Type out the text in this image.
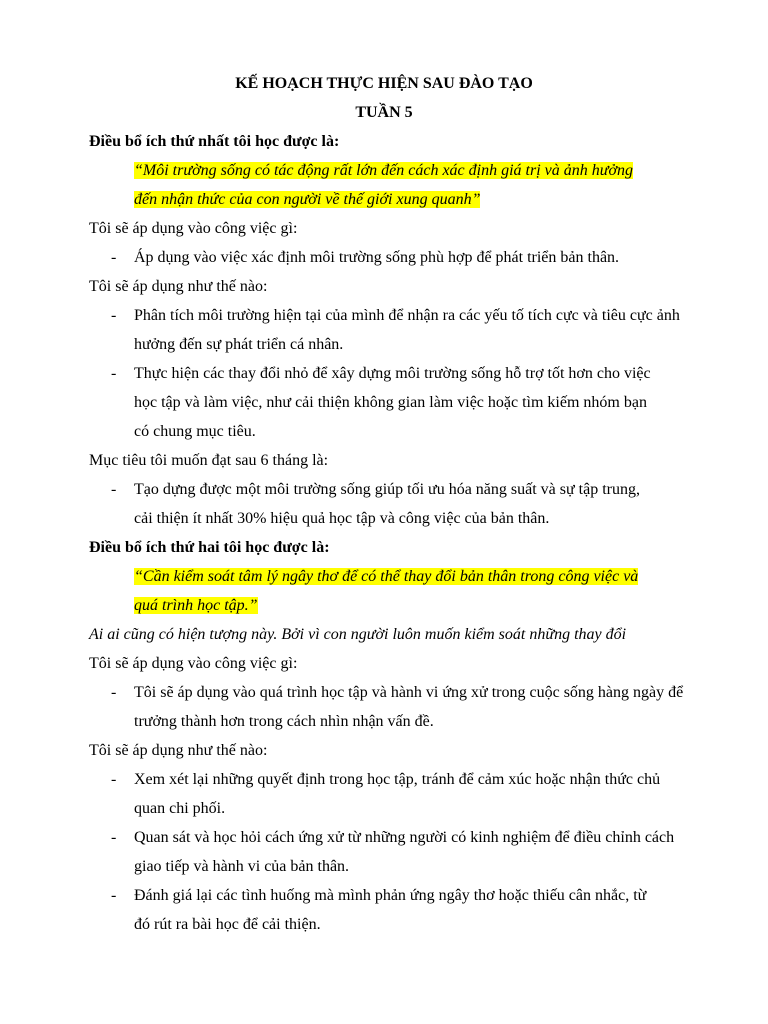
KẾ HOẠCH THỰC HIỆN SAU ĐÀO TẠO
TUẦN 5
Điều bổ ích thứ nhất tôi học được là:
“Môi trường sống có tác động rất lớn đến cách xác định giá trị và ảnh hưởng
đến nhận thức của con người về thế giới xung quanh”
Tôi sẽ áp dụng vào công việc gì:
- Áp dụng vào việc xác định môi trường sống phù hợp để phát triển bản thân.
Tôi sẽ áp dụng như thế nào:
- Phân tích môi trường hiện tại của mình để nhận ra các yếu tố tích cực và tiêu cực ảnh
hưởng đến sự phát triển cá nhân.
- Thực hiện các thay đổi nhỏ để xây dựng môi trường sống hỗ trợ tốt hơn cho việc
học tập và làm việc, như cải thiện không gian làm việc hoặc tìm kiếm nhóm bạn
có chung mục tiêu.
Mục tiêu tôi muốn đạt sau 6 tháng là:
- Tạo dựng được một môi trường sống giúp tối ưu hóa năng suất và sự tập trung,
cải thiện ít nhất 30% hiệu quả học tập và công việc của bản thân.
Điều bổ ích thứ hai tôi học được là:
“Cần kiểm soát tâm lý ngây thơ để có thể thay đổi bản thân trong công việc và
quá trình học tập.”
Ai ai cũng có hiện tượng này. Bởi vì con người luôn muốn kiểm soát những thay đổi
Tôi sẽ áp dụng vào công việc gì:
- Tôi sẽ áp dụng vào quá trình học tập và hành vi ứng xử trong cuộc sống hàng ngày để
trưởng thành hơn trong cách nhìn nhận vấn đề.
Tôi sẽ áp dụng như thế nào:
- Xem xét lại những quyết định trong học tập, tránh để cảm xúc hoặc nhận thức chủ
quan chi phối.
- Quan sát và học hỏi cách ứng xử từ những người có kinh nghiệm để điều chỉnh cách
giao tiếp và hành vi của bản thân.
- Đánh giá lại các tình huống mà mình phản ứng ngây thơ hoặc thiếu cân nhắc, từ
đó rút ra bài học để cải thiện.
